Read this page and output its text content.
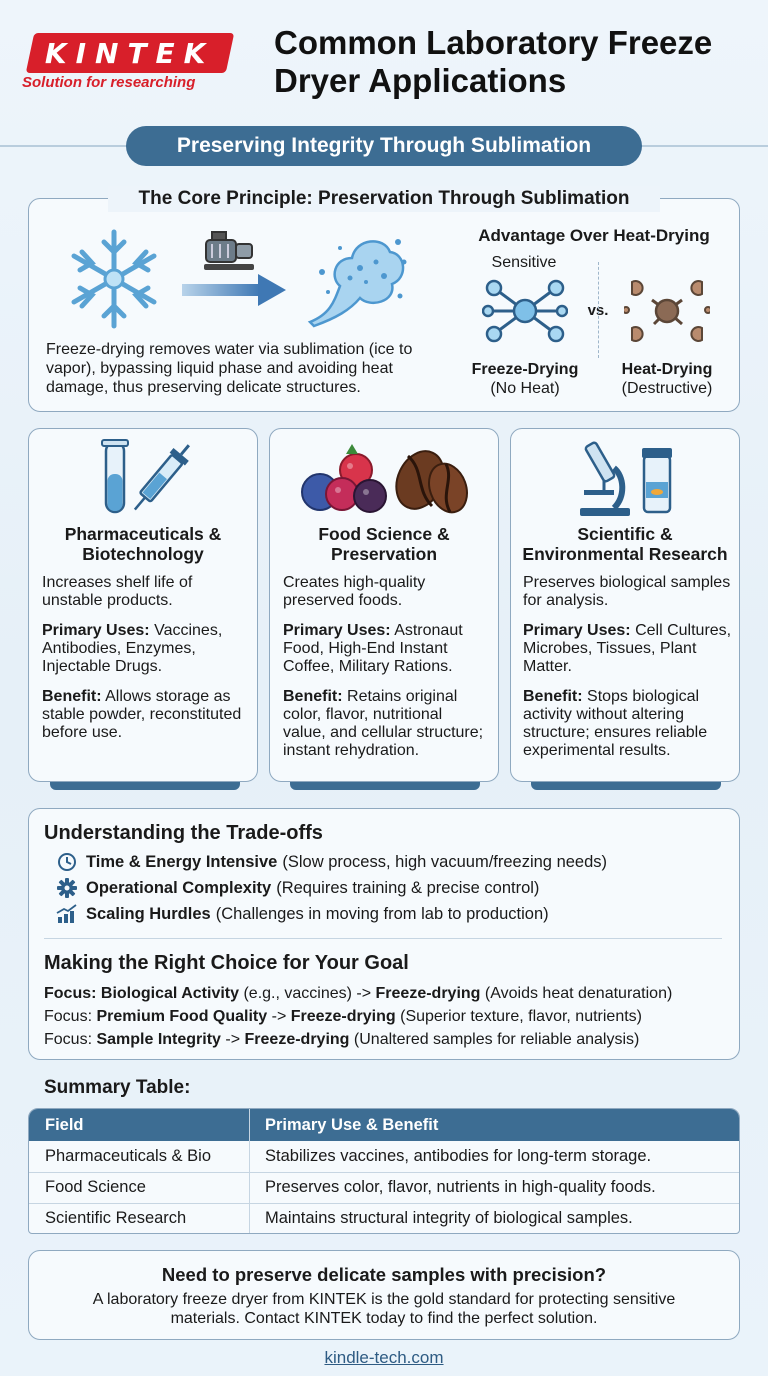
KINTEK
Solution for researching
Common Laboratory Freeze Dryer Applications
Preserving Integrity Through Sublimation
The Core Principle: Preservation Through Sublimation
Freeze-drying removes water via sublimation (ice to vapor), bypassing liquid phase and avoiding heat damage, thus preserving delicate structures.
Advantage Over Heat-Drying
Sensitive
vs.
Freeze-Drying
(No Heat)
Heat-Drying
(Destructive)
Pharmaceuticals & Biotechnology

Increases shelf life of unstable products.

Primary Uses: Vaccines, Antibodies, Enzymes, Injectable Drugs.

Benefit: Allows storage as stable powder, reconstituted before use.

Food Science & Preservation

Creates high-quality preserved foods.

Primary Uses: Astronaut Food, High-End Instant Coffee, Military Rations.

Benefit: Retains original color, flavor, nutritional value, and cellular structure; instant rehydration.

Scientific & Environmental Research

Preserves biological samples for analysis.

Primary Uses: Cell Cultures, Microbes, Tissues, Plant Matter.

Benefit: Stops biological activity without altering structure; ensures reliable experimental results.

Understanding the Trade-offs
Time & Energy Intensive (Slow process, high vacuum/freezing needs)
Operational Complexity (Requires training & precise control)
Scaling Hurdles (Challenges in moving from lab to production)
Making the Right Choice for Your Goal
Focus: Biological Activity (e.g., vaccines) -> Freeze-drying (Avoids heat denaturation)
Focus: Premium Food Quality -> Freeze-drying (Superior texture, flavor, nutrients)
Focus: Sample Integrity -> Freeze-drying (Unaltered samples for reliable analysis)
Summary Table:
Field	Primary Use & Benefit
Pharmaceuticals & Bio	Stabilizes vaccines, antibodies for long-term storage.
Food Science	Preserves color, flavor, nutrients in high-quality foods.
Scientific Research	Maintains structural integrity of biological samples.
Need to preserve delicate samples with precision?
A laboratory freeze dryer from KINTEK is the gold standard for protecting sensitive materials. Contact KINTEK today to find the perfect solution.
kindle-tech.com
